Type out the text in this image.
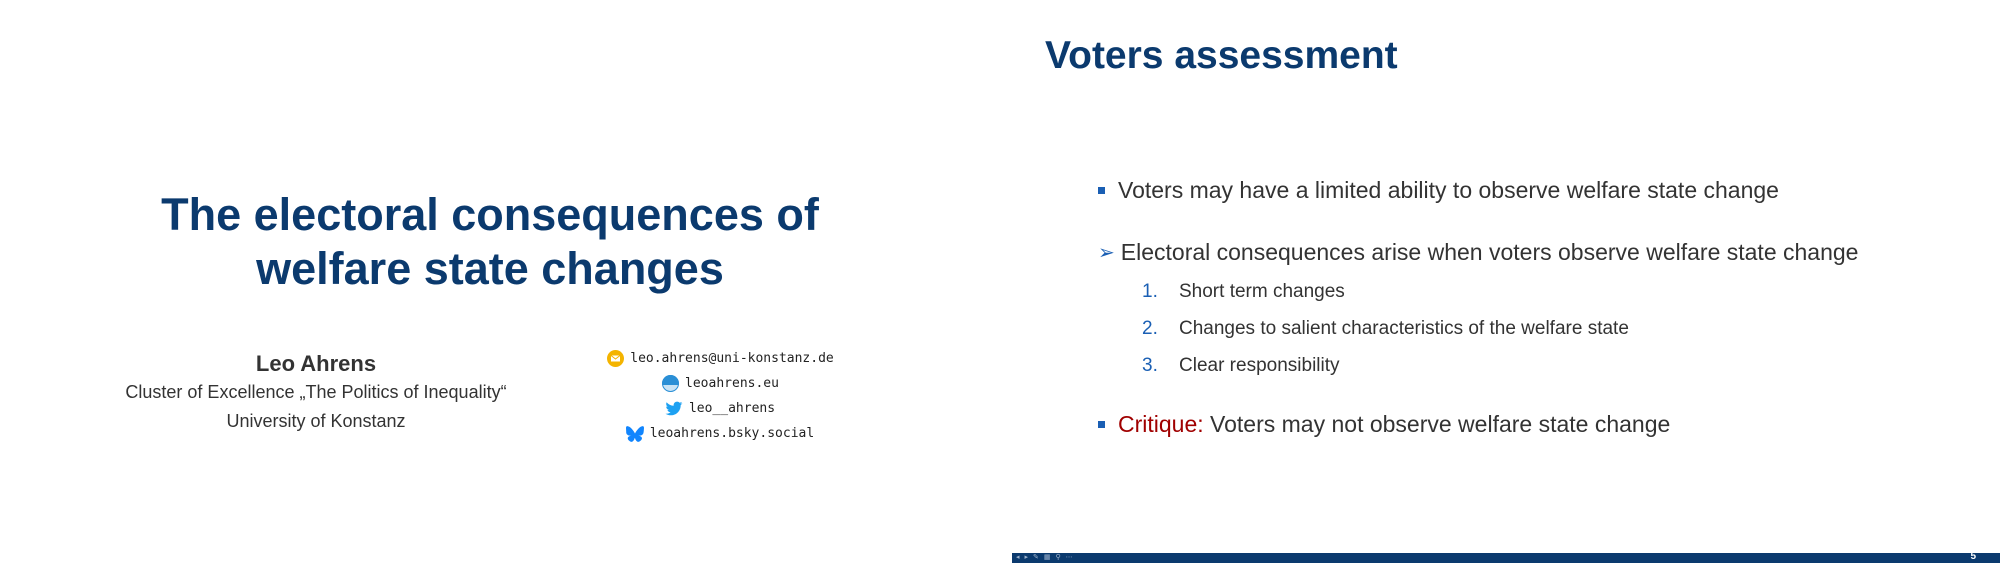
The electoral consequences of
welfare state changes
Leo Ahrens
Cluster of Excellence „The Politics of Inequality“
University of Konstanz
leo.ahrens@uni-konstanz.de
leoahrens.eu
leo__ahrens
leoahrens.bsky.social
Voters assessment
Voters may have a limited ability to observe welfare state change
➢ Electoral consequences arise when voters observe welfare state change
1.	Short term changes
2.	Changes to salient characteristics of the welfare state
3.	Clear responsibility
Critique: Voters may not observe welfare state change
◂ ▸ ✎ ▦ ⚲ ⋯	5
